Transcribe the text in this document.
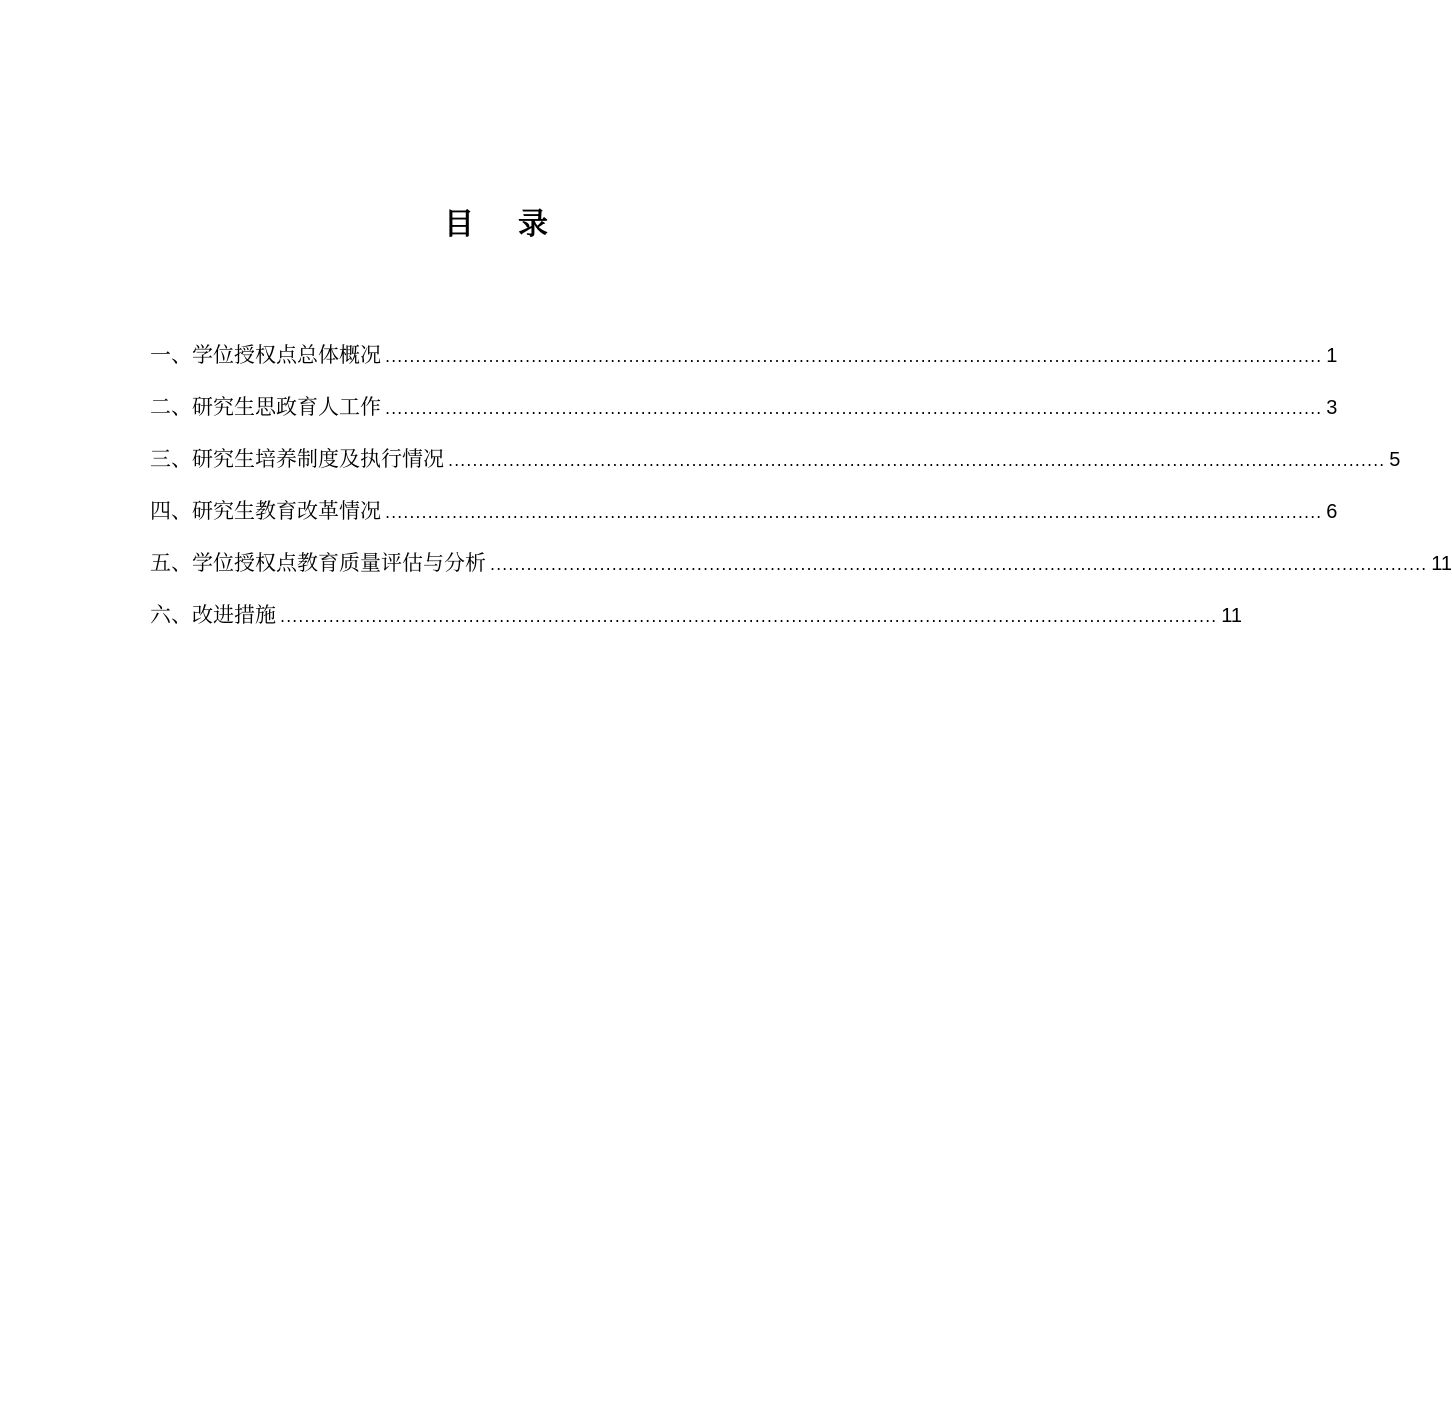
目录
一、学位授权点总体概况 .......................................................................................................................................................... 1
二、研究生思政育人工作 .......................................................................................................................................................... 3
三、研究生培养制度及执行情况 .......................................................................................................................................................... 5
四、研究生教育改革情况 .......................................................................................................................................................... 6
五、学位授权点教育质量评估与分析 .......................................................................................................................................................... 11
六、改进措施 .......................................................................................................................................................... 11
